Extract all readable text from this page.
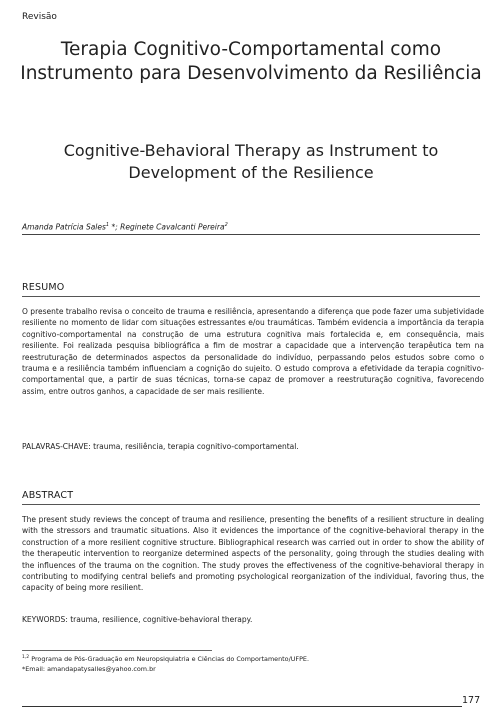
Revisão
Terapia Cognitivo-Comportamental como
Instrumento para Desenvolvimento da Resiliência
Cognitive-Behavioral Therapy as Instrument to
Development of the Resilience
Amanda Patrícia Sales$^1$ *; Reginete Cavalcanti Pereira$^2$
RESUMO
O presente trabalho revisa o conceito de trauma e resiliência, apresentando a diferença que pode fazer uma subjetividade resiliente no momento de lidar com situações estressantes e/ou traumáticas. Também evidencia a importância da terapia cognitivo-comportamental na construção de uma estrutura cognitiva mais fortalecida e, em consequência, mais resiliente. Foi realizada pesquisa bibliográfica a fim de mostrar a capacidade que a intervenção terapêutica tem na reestruturação de determinados aspectos da personalidade do indivíduo, perpassando pelos estudos sobre como o trauma e a resiliência também influenciam a cognição do sujeito. O estudo comprova a efetividade da terapia cognitivo-comportamental que, a partir de suas técnicas, torna-se capaz de promover a reestruturação cognitiva, favorecendo assim, entre outros ganhos, a capacidade de ser mais resiliente.
PALAVRAS-CHAVE: trauma, resiliência, terapia cognitivo-comportamental.
ABSTRACT
The present study reviews the concept of trauma and resilience, presenting the benefits of a resilient structure in dealing with the stressors and traumatic situations. Also it evidences the importance of the cognitive-behavioral therapy in the construction of a more resilient cognitive structure. Bibliographical research was carried out in order to show the ability of the therapeutic intervention to reorganize determined aspects of the personality, going through the studies dealing with the influences of the trauma on the cognition. The study proves the effectiveness of the cognitive-behavioral therapy in contributing to modifying central beliefs and promoting psychological reorganization of the individual, favoring thus, the capacity of being more resilient.
KEYWORDS: trauma, resilience, cognitive-behavioral therapy.
$^{1,2}$ Programa de Pós-Graduação em Neuropsiquiatria e Ciências do Comportamento/UFPE.
*Email: amandapatysalles@yahoo.com.br
177
